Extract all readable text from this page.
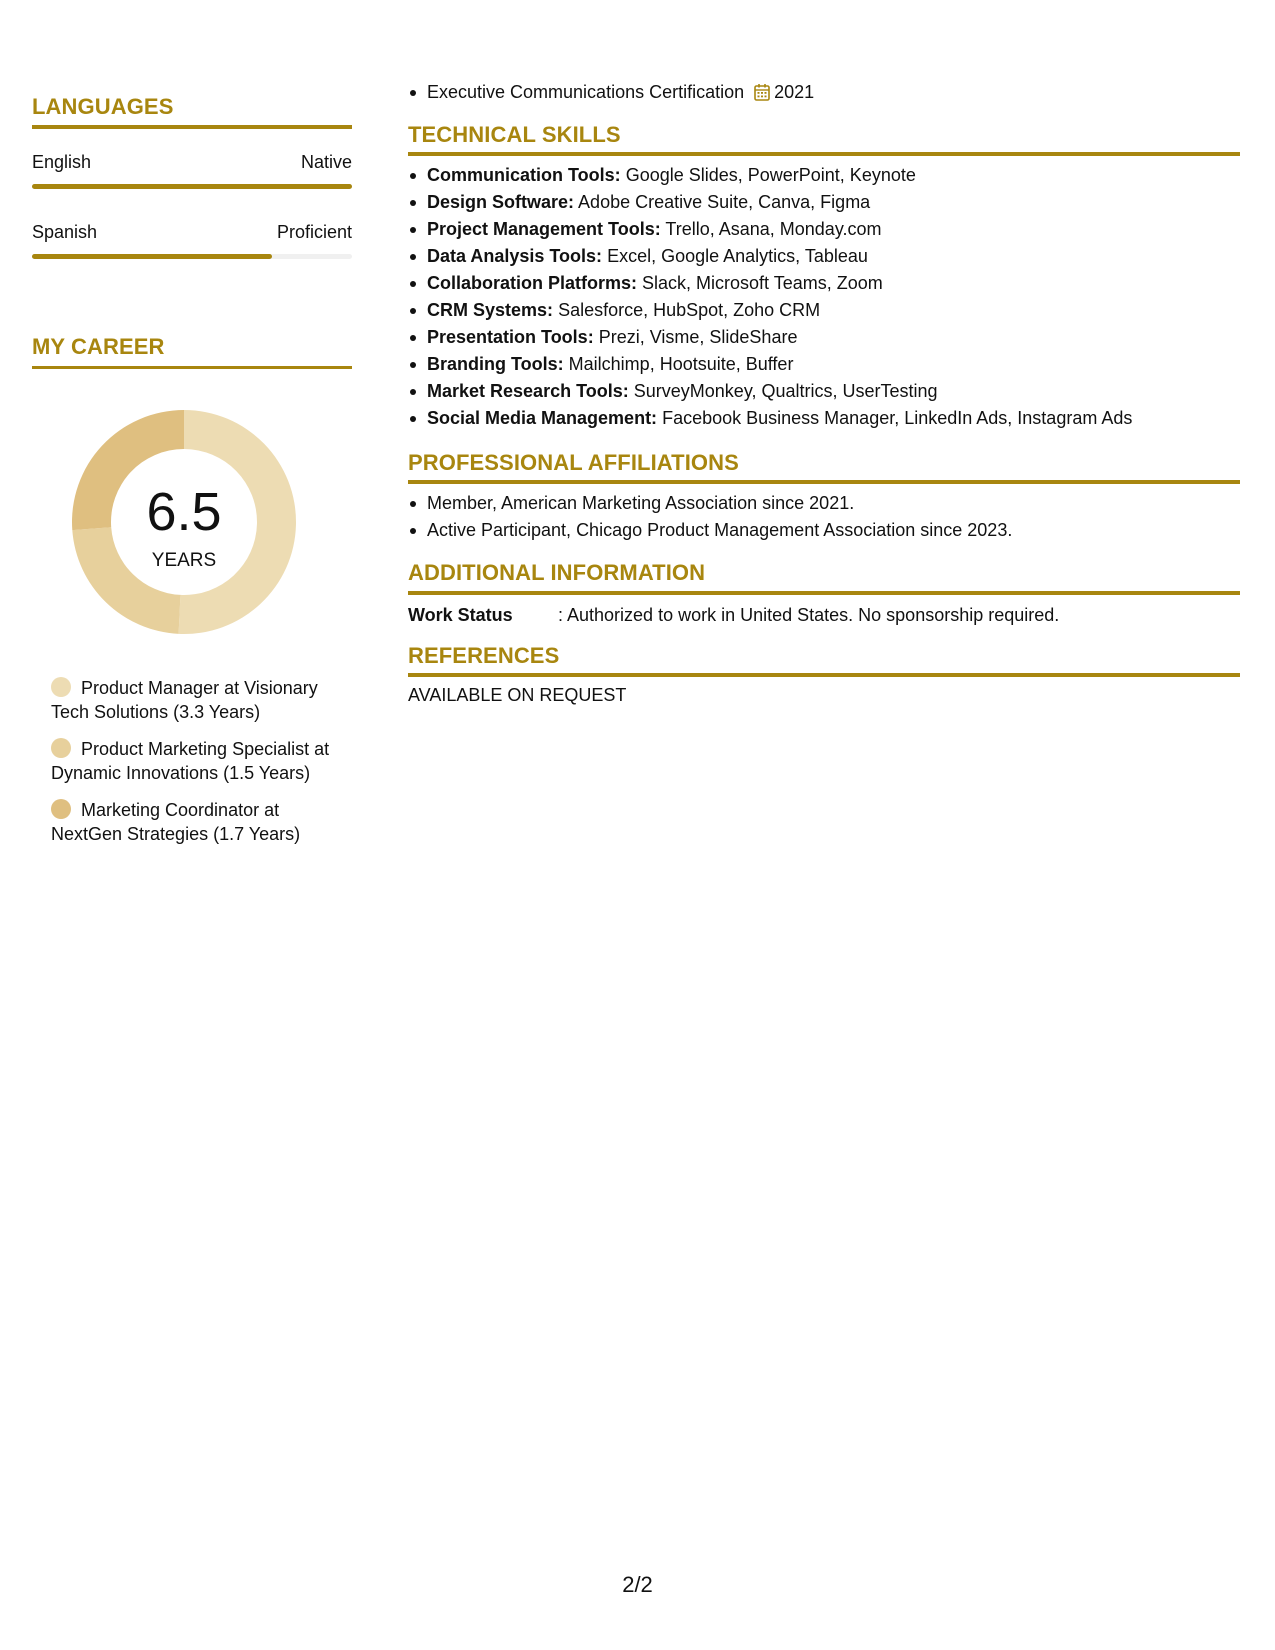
LANGUAGES
English	Native
Spanish	Proficient
MY CAREER
6.5
YEARS
Product Manager at Visionary Tech Solutions (3.3 Years)
Product Marketing Specialist at Dynamic Innovations (1.5 Years)
Marketing Coordinator at NextGen Strategies (1.7 Years)
Executive Communications Certification 2021
TECHNICAL SKILLS
Communication Tools: Google Slides, PowerPoint, Keynote
Design Software: Adobe Creative Suite, Canva, Figma
Project Management Tools: Trello, Asana, Monday.com
Data Analysis Tools: Excel, Google Analytics, Tableau
Collaboration Platforms: Slack, Microsoft Teams, Zoom
CRM Systems: Salesforce, HubSpot, Zoho CRM
Presentation Tools: Prezi, Visme, SlideShare
Branding Tools: Mailchimp, Hootsuite, Buffer
Market Research Tools: SurveyMonkey, Qualtrics, UserTesting
Social Media Management: Facebook Business Manager, LinkedIn Ads, Instagram Ads
PROFESSIONAL AFFILIATIONS
Member, American Marketing Association since 2021.
Active Participant, Chicago Product Management Association since 2023.
ADDITIONAL INFORMATION
Work Status	: Authorized to work in United States. No sponsorship required.
REFERENCES
AVAILABLE ON REQUEST
2/2
